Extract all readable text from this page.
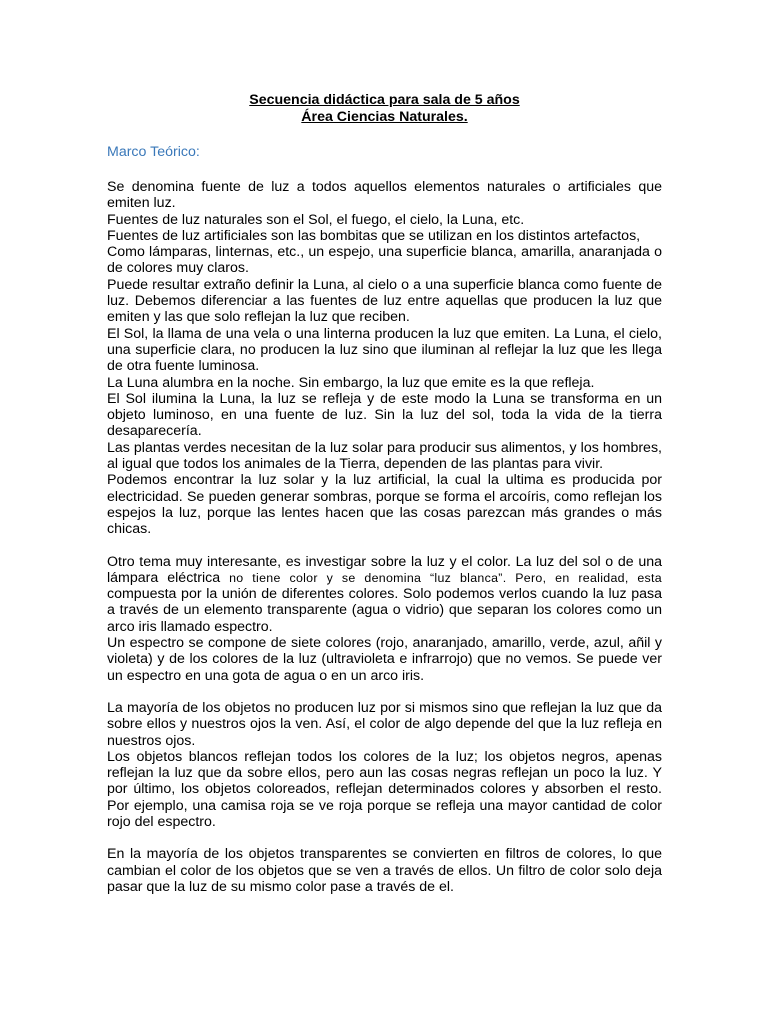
Secuencia didáctica para sala de 5 años

Área Ciencias Naturales.

Marco Teórico:

Se denomina fuente de luz a todos aquellos elementos naturales o artificiales que emiten luz.

Fuentes de luz naturales son el Sol, el fuego, el cielo, la Luna, etc.

Fuentes de luz artificiales son las bombitas que se utilizan en los distintos artefactos,

Como lámparas, linternas, etc., un espejo, una superficie blanca, amarilla, anaranjada o de colores muy claros.

Puede resultar extraño definir la Luna, al cielo o a una superficie blanca como fuente de luz. Debemos diferenciar a las fuentes de luz entre aquellas que producen la luz que emiten y las que solo reflejan la luz que reciben.

El Sol, la llama de una vela o una linterna producen la luz que emiten. La Luna, el cielo, una superficie clara, no producen la luz sino que iluminan al reflejar la luz que les llega de otra fuente luminosa.

La Luna alumbra en la noche. Sin embargo, la luz que emite es la que refleja.

El Sol ilumina la Luna, la luz se refleja y de este modo la Luna se transforma en un objeto luminoso, en una fuente de luz. Sin la luz del sol, toda la vida de la tierra desaparecería.

Las plantas verdes necesitan de la luz solar para producir sus alimentos, y los hombres, al igual que todos los animales de la Tierra, dependen de las plantas para vivir.

Podemos encontrar la luz solar y la luz artificial, la cual la ultima es producida por electricidad. Se pueden generar sombras, porque se forma el arcoíris, como reflejan los espejos la luz, porque las lentes hacen que las cosas parezcan más grandes o más chicas.

Otro tema muy interesante, es investigar sobre la luz y el color. La luz del sol o de una lámpara eléctrica no tiene color y se denomina “luz blanca”. Pero, en realidad, esta compuesta por la unión de diferentes colores. Solo podemos verlos cuando la luz pasa a través de un elemento transparente (agua o vidrio) que separan los colores como un arco iris llamado espectro.

Un espectro se compone de siete colores (rojo, anaranjado, amarillo, verde, azul, añil y violeta) y de los colores de la luz (ultravioleta e infrarrojo) que no vemos. Se puede ver un espectro en una gota de agua o en un arco iris.

La mayoría de los objetos no producen luz por si mismos sino que reflejan la luz que da sobre ellos y nuestros ojos la ven. Así, el color de algo depende del que la luz refleja en nuestros ojos.

Los objetos blancos reflejan todos los colores de la luz; los objetos negros, apenas reflejan la luz que da sobre ellos, pero aun las cosas negras reflejan un poco la luz. Y por último, los objetos coloreados, reflejan determinados colores y absorben el resto. Por ejemplo, una camisa roja se ve roja porque se refleja una mayor cantidad de color rojo del espectro.

En la mayoría de los objetos transparentes se convierten en filtros de colores, lo que cambian el color de los objetos que se ven a través de ellos. Un filtro de color solo deja pasar que la luz de su mismo color pase a través de el.
